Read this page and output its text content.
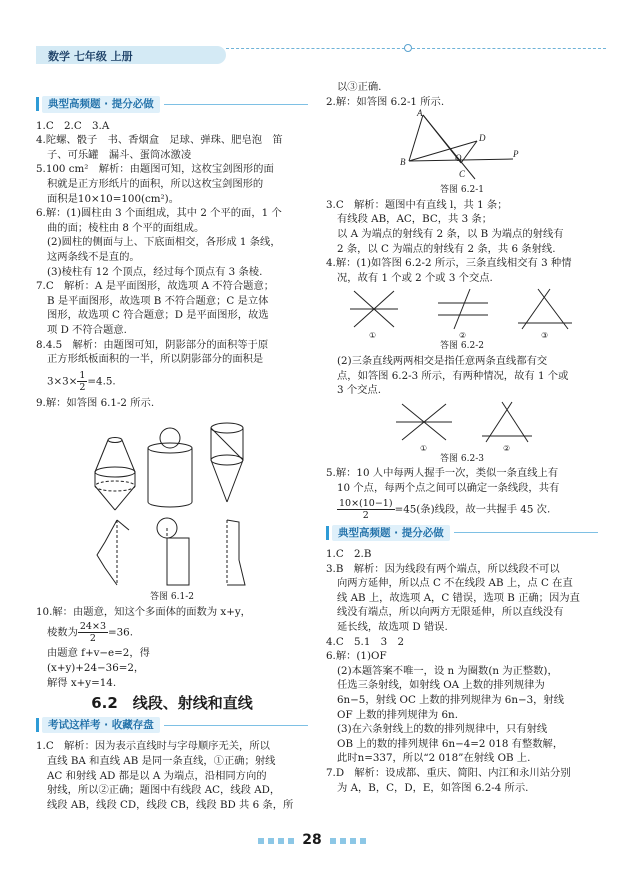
数学 七年级 上册
典型高频题 · 提分必做

1.C　2.C　3.A

4.陀螺、骰子　书、香烟盒　足球、弹珠、肥皂泡　笛

子、可乐罐　漏斗、蛋筒冰激凌

5.100 cm²　解析：由题图可知，这枚宝剑图形的面

积就是正方形纸片的面积，所以这枚宝剑图形的

面积是10×10=100(cm²)。

6.解：(1)圆柱由 3 个面组成，其中 2 个平的面，1 个

曲的面；棱柱由 8 个平的面组成。

(2)圆柱的侧面与上、下底面相交，各形成 1 条线，

这两条线不是直的。

(3)棱柱有 12 个顶点，经过每个顶点有 3 条棱.

7.C　解析：A 是平面图形，故选项 A 不符合题意；

B 是平面图形，故选项 B 不符合题意；C 是立体

图形，故选项 C 符合题意；D 是平面图形，故选

项 D 不符合题意.

8.4.5　解析：由题图可知，阴影部分的面积等于原

正方形纸板面积的一半，所以阴影部分的面积是

$3\times 3\times \frac{1}{2} =4.5$.

9.解：如答图 6.1-2 所示.

答图 6.1-2

10.解：由题意，知这个多面体的面数为 x+y，

棱数为 $\frac{24\times 3}{2} =36$.

由题意 f+v−e=2，得

(x+y)+24−36=2，

解得 x+y=14.

6.2　线段、射线和直线
考试这样考 · 收藏存盘

1.C　解析：因为表示直线时与字母顺序无关，所以

直线 BA 和直线 AB 是同一条直线，①正确；射线

AC 和射线 AD 都是以 A 为端点，沿相同方向的

射线，所以②正确；题图中有线段 AC，线段 AD，

线段 AB，线段 CD，线段 CB，线段 BD 共 6 条，所

以③正确.

2.解：如答图 6.2-1 所示.

A
B
D
O
C
P

答图 6.2-1

3.C　解析：题图中有直线 l，共 1 条；

有线段 AB，AC，BC，共 3 条；

以 A 为端点的射线有 2 条，以 B 为端点的射线有

2 条，以 C 为端点的射线有 2 条，共 6 条射线.

4.解：(1)如答图 6.2-2 所示，三条直线相交有 3 种情

况，故有 1 个或 2 个或 3 个交点.

①	②	③

答图 6.2-2

(2)三条直线两两相交是指任意两条直线都有交

点，如答图 6.2-3 所示，有两种情况，故有 1 个或

3 个交点.

①	②

答图 6.2-3

5.解：10 人中每两人握手一次，类似一条直线上有

10 个点，每两个点之间可以确定一条线段，共有

$\frac{10\times(10-1)}{2} =45$(条)线段，故一共握手 45 次.

典型高频题 · 提分必做

1.C　2.B

3.B　解析：因为线段有两个端点，所以线段不可以

向两方延伸，所以点 C 不在线段 AB 上，点 C 在直

线 AB 上，故选项 A，C 错误，选项 B 正确；因为直

线没有端点，所以向两方无限延伸，所以直线没有

延长线，故选项 D 错误.

4.C　5.1　3　2

6.解：(1)OF

(2)本题答案不唯一，设 n 为圈数(n 为正整数)，

任选三条射线，如射线 OA 上数的排列规律为

6n−5，射线 OC 上数的排列规律为 6n−3，射线

OF 上数的排列规律为 6n.

(3)在六条射线上的数的排列规律中，只有射线

OB 上的数的排列规律 6n−4=2 018 有整数解，

此时n=337，所以“2 018”在射线 OB 上.

7.D　解析：设成都、重庆、简阳、内江和永川站分别

为 A，B，C，D，E，如答图 6.2-4 所示.

28
